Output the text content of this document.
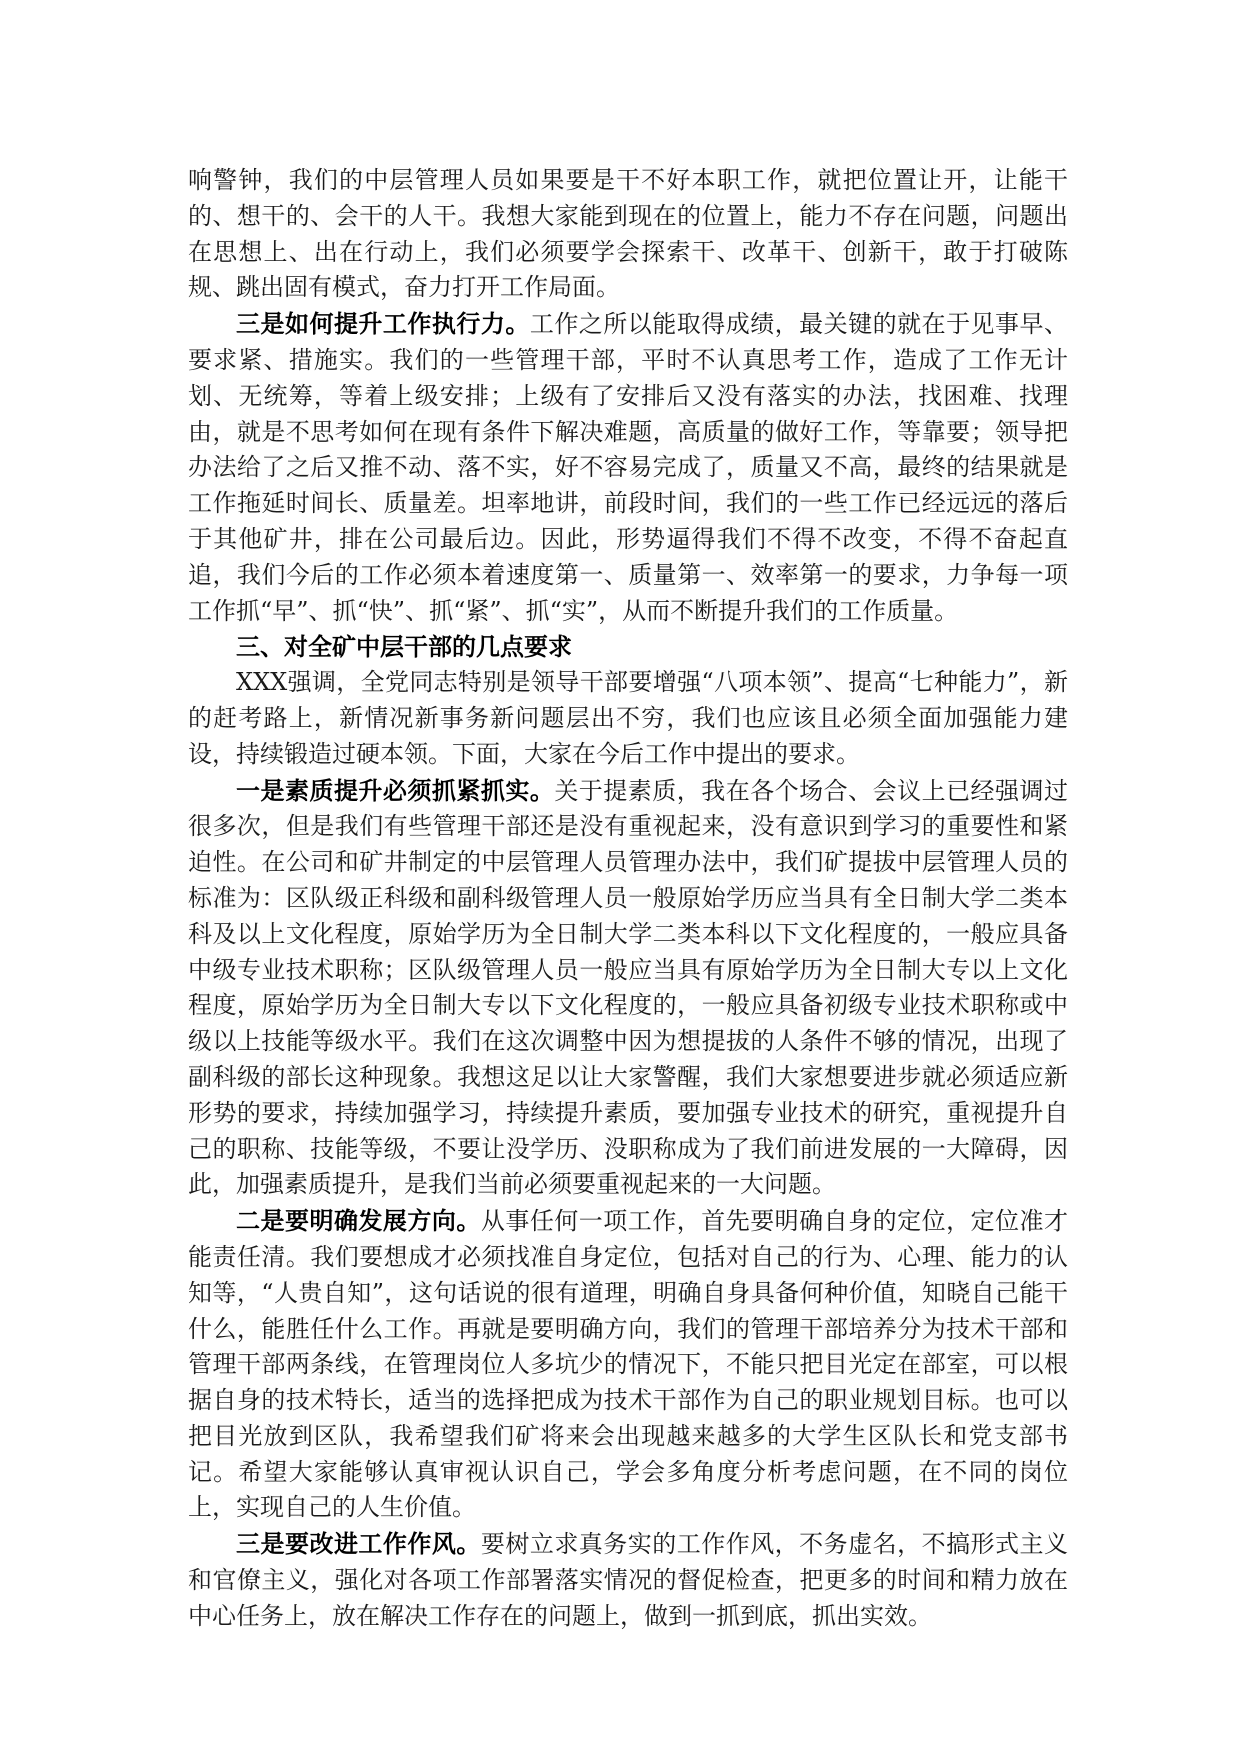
响警钟，我们的中层管理人员如果要是干不好本职工作，就把位置让开，让能干的、想干的、会干的人干。我想大家能到现在的位置上，能力不存在问题，问题出在思想上、出在行动上，我们必须要学会探索干、改革干、创新干，敢于打破陈规、跳出固有模式，奋力打开工作局面。

三是如何提升工作执行力。工作之所以能取得成绩，最关键的就在于见事早、要求紧、措施实。我们的一些管理干部，平时不认真思考工作，造成了工作无计划、无统筹，等着上级安排；上级有了安排后又没有落实的办法，找困难、找理由，就是不思考如何在现有条件下解决难题，高质量的做好工作，等靠要；领导把办法给了之后又推不动、落不实，好不容易完成了，质量又不高，最终的结果就是工作拖延时间长、质量差。坦率地讲，前段时间，我们的一些工作已经远远的落后于其他矿井，排在公司最后边。因此，形势逼得我们不得不改变，不得不奋起直追，我们今后的工作必须本着速度第一、质量第一、效率第一的要求，力争每一项工作抓“早”、抓“快”、抓“紧”、抓“实”，从而不断提升我们的工作质量。

三、对全矿中层干部的几点要求

XXX强调，全党同志特别是领导干部要增强“八项本领”、提高“七种能力”，新的赶考路上，新情况新事务新问题层出不穷，我们也应该且必须全面加强能力建设，持续锻造过硬本领。下面，大家在今后工作中提出的要求。

一是素质提升必须抓紧抓实。关于提素质，我在各个场合、会议上已经强调过很多次，但是我们有些管理干部还是没有重视起来，没有意识到学习的重要性和紧迫性。在公司和矿井制定的中层管理人员管理办法中，我们矿提拔中层管理人员的标准为：区队级正科级和副科级管理人员一般原始学历应当具有全日制大学二类本科及以上文化程度，原始学历为全日制大学二类本科以下文化程度的，一般应具备中级专业技术职称；区队级管理人员一般应当具有原始学历为全日制大专以上文化程度，原始学历为全日制大专以下文化程度的，一般应具备初级专业技术职称或中级以上技能等级水平。我们在这次调整中因为想提拔的人条件不够的情况，出现了副科级的部长这种现象。我想这足以让大家警醒，我们大家想要进步就必须适应新形势的要求，持续加强学习，持续提升素质，要加强专业技术的研究，重视提升自己的职称、技能等级，不要让没学历、没职称成为了我们前进发展的一大障碍，因此，加强素质提升，是我们当前必须要重视起来的一大问题。

二是要明确发展方向。从事任何一项工作，首先要明确自身的定位，定位准才能责任清。我们要想成才必须找准自身定位，包括对自己的行为、心理、能力的认知等，“人贵自知”，这句话说的很有道理，明确自身具备何种价值，知晓自己能干什么，能胜任什么工作。再就是要明确方向，我们的管理干部培养分为技术干部和管理干部两条线，在管理岗位人多坑少的情况下，不能只把目光定在部室，可以根据自身的技术特长，适当的选择把成为技术干部作为自己的职业规划目标。也可以把目光放到区队，我希望我们矿将来会出现越来越多的大学生区队长和党支部书记。希望大家能够认真审视认识自己，学会多角度分析考虑问题，在不同的岗位上，实现自己的人生价值。

三是要改进工作作风。要树立求真务实的工作作风，不务虚名，不搞形式主义和官僚主义，强化对各项工作部署落实情况的督促检查，把更多的时间和精力放在中心任务上，放在解决工作存在的问题上，做到一抓到底，抓出实效。
